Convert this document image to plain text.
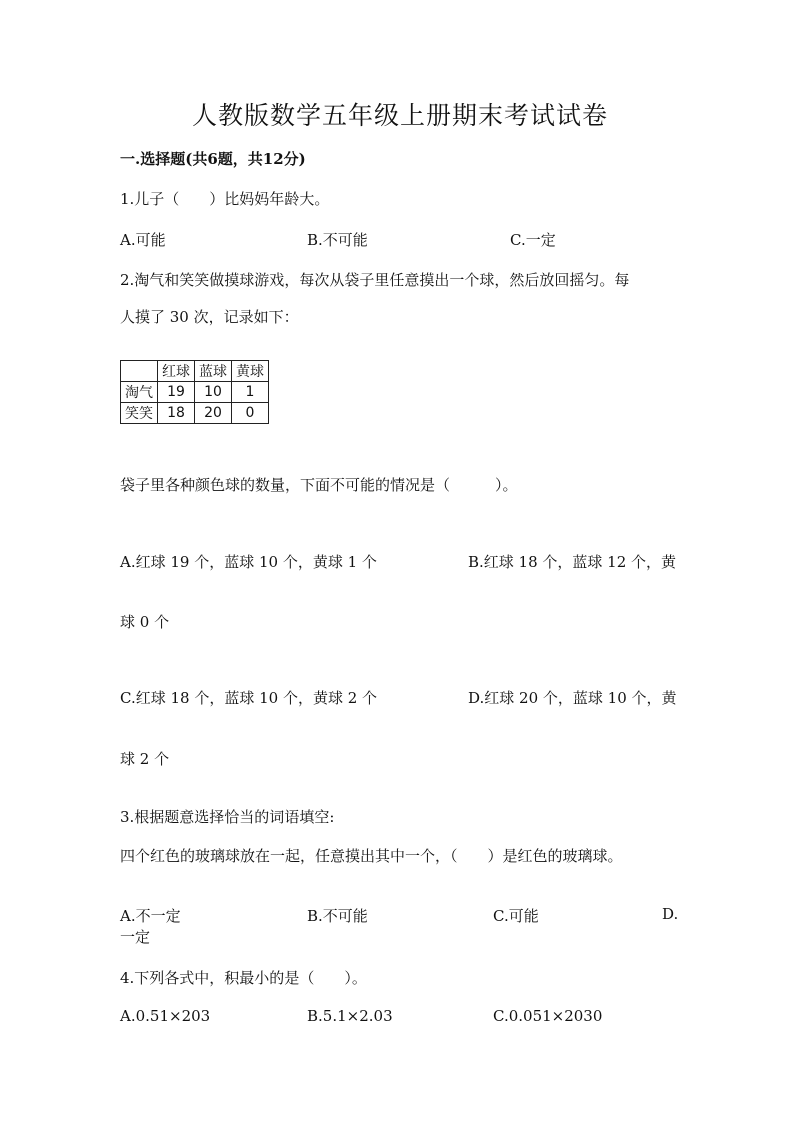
人教版数学五年级上册期末考试试卷
一.选择题(共6题，共12分)
1.儿子（　　）比妈妈年龄大。
A.可能	B.不可能	C.一定
2.淘气和笑笑做摸球游戏，每次从袋子里任意摸出一个球，然后放回摇匀。每
人摸了 30 次，记录如下：
	红球	蓝球	黄球
淘气	19	10	1
笑笑	18	20	0
袋子里各种颜色球的数量，下面不可能的情况是（　　　）。
A.红球 19 个，蓝球 10 个，黄球 1 个	B.红球 18 个，蓝球 12 个，黄
球 0 个
C.红球 18 个，蓝球 10 个，黄球 2 个	D.红球 20 个，蓝球 10 个，黄
球 2 个
3.根据题意选择恰当的词语填空:
四个红色的玻璃球放在一起，任意摸出其中一个，（　　）是红色的玻璃球。
A.不一定	B.不可能	C.可能	D.
一定
4.下列各式中，积最小的是（　　）。
A.0.51×203	B.5.1×2.03	C.0.051×2030
